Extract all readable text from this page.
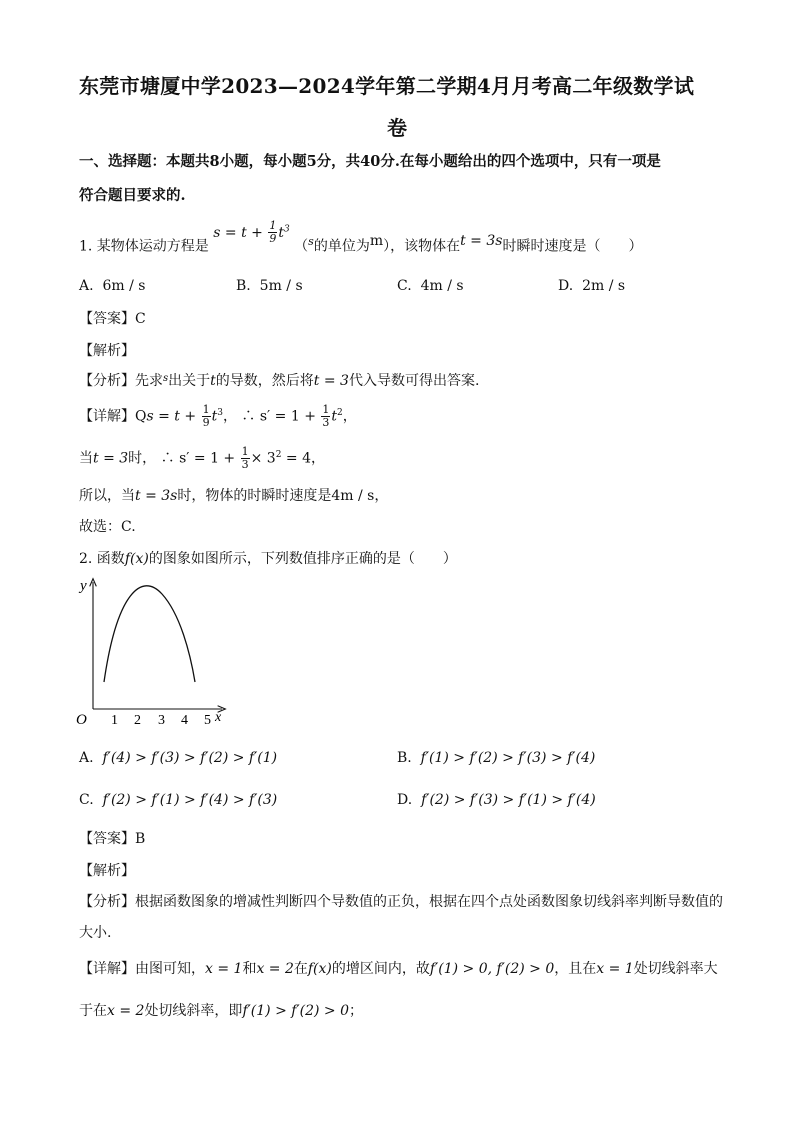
东莞市塘厦中学2023—2024学年第二学期4月月考高二年级数学试
卷
一、选择题：本题共8小题，每小题5分，共40分.在每小题给出的四个选项中，只有一项是
符合题目要求的.
1. 某物体运动方程是 $s = t + \frac{1}{9} t^3$ （$^s$的单位为m），该物体在t = 3s时瞬时速度是（　　）
A. 6m / s	B. 5m / s	C. 4m / s	D. 2m / s
【答案】C
【解析】
【分析】先求$^s$出关于t的导数，然后将t = 3代入导数可得出答案.
【详解】$Qs = t + \frac{1}{9} t^3$， ∴ $s' = 1 + \frac{1}{3} t^2$，
当t = 3时， ∴ $s' = 1 + \frac{1}{3} \times 3^2 = 4$，
所以，当t = 3s时，物体的时瞬时速度是4m / s，
故选：C.
2. 函数f(x)的图象如图所示，下列数值排序正确的是（　　）
y
O	x
1 2 3 4 5
A. f′(4) > f′(3) > f′(2) > f′(1)	B. f′(1) > f′(2) > f′(3) > f′(4)
C. f′(2) > f′(1) > f′(4) > f′(3)	D. f′(2) > f′(3) > f′(1) > f′(4)
【答案】B
【解析】
【分析】根据函数图象的增减性判断四个导数值的正负，根据在四个点处函数图象切线斜率判断导数值的
大小.
【详解】由图可知，x = 1和x = 2在f(x)的增区间内，故f′(1) > 0, f′(2) > 0，且在x = 1处切线斜率大
于在x = 2处切线斜率，即f′(1) > f′(2) > 0；
